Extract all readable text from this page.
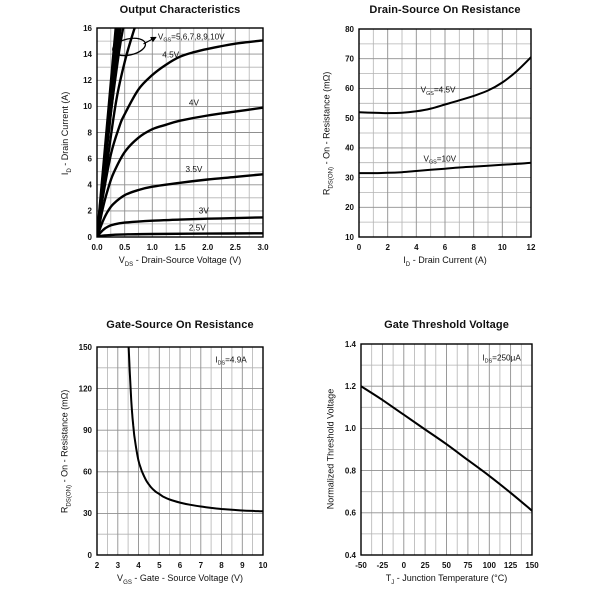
0.0 0.5 1.0 1.5 2.0 2.5 3.0
0
2
4
6
8
10
12
14
16
$V_{GS}=5,6,7,8,9,10V$
4.5V
4V
3.5V
3V
2.5V
Output Characteristics
$V_{DS}$ - Drain-Source Voltage (V)
$I_D$ - Drain Current (A)
0	2	4	6	8	10 12
10
20
30
40
50
60
70
80
$V_{GS}=4.5V$
$V_{GS}=10V$
Drain-Source On Resistance
$I_D$ - Drain Current (A)
$R_{DS(ON)}$ - On - Resistance (mΩ)
2 3 4 5 6 7 8 9 10
0
30
60
90
120
150
$I_{DS}=4.9A$
Gate-Source On Resistance
$V_{GS}$ - Gate - Source Voltage (V)
$R_{DS(ON)}$ - On - Resistance (mΩ)
-50 -25 0 25 50 75 100 125 150
0.4
0.6
0.8
1.0
1.2
1.4
$I_{DS}=250\mu A$
Gate Threshold Voltage
$T_J$ - Junction Temperature (°C)
Normalized Threshold Voltage
